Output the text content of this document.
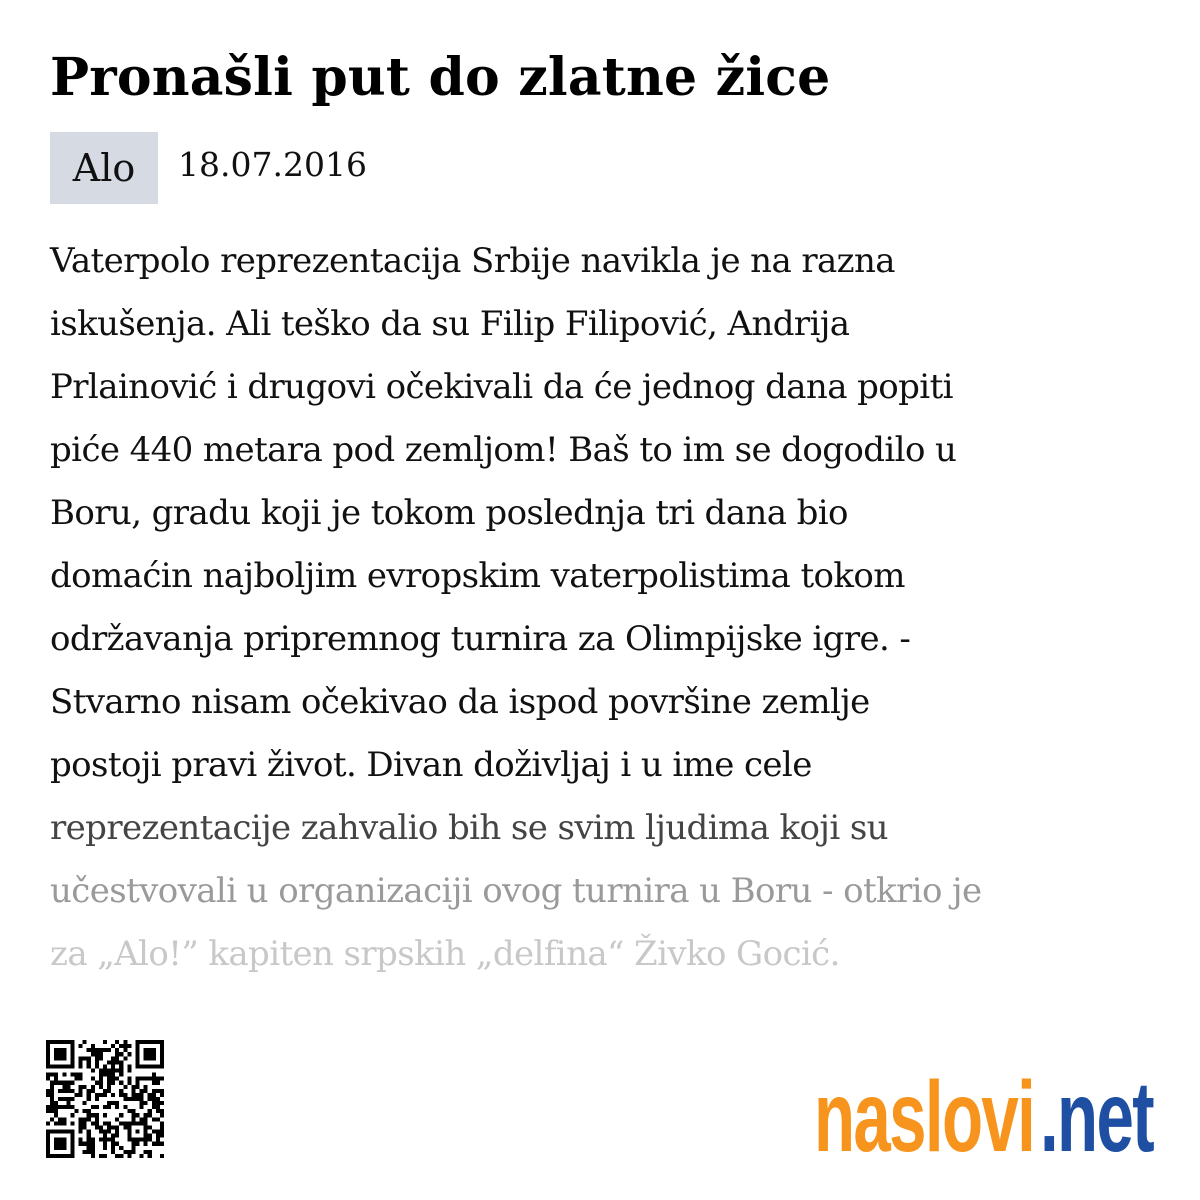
Pronašli put do zlatne žice
Alo	18.07.2016
Vaterpolo reprezentacija Srbije navikla je na razna
iskušenja. Ali teško da su Filip Filipović, Andrija
Prlainović i drugovi očekivali da će jednog dana popiti
piće 440 metara pod zemljom! Baš to im se dogodilo u
Boru, gradu koji je tokom poslednja tri dana bio
domaćin najboljim evropskim vaterpolistima tokom
održavanja pripremnog turnira za Olimpijske igre. -
Stvarno nisam očekivao da ispod površine zemlje
postoji pravi život. Divan doživljaj i u ime cele
reprezentacije zahvalio bih se svim ljudima koji su
učestvovali u organizaciji ovog turnira u Boru - otkrio je
za „Alo!” kapiten srpskih „delfina“ Živko Gocić.
naslovi .net
